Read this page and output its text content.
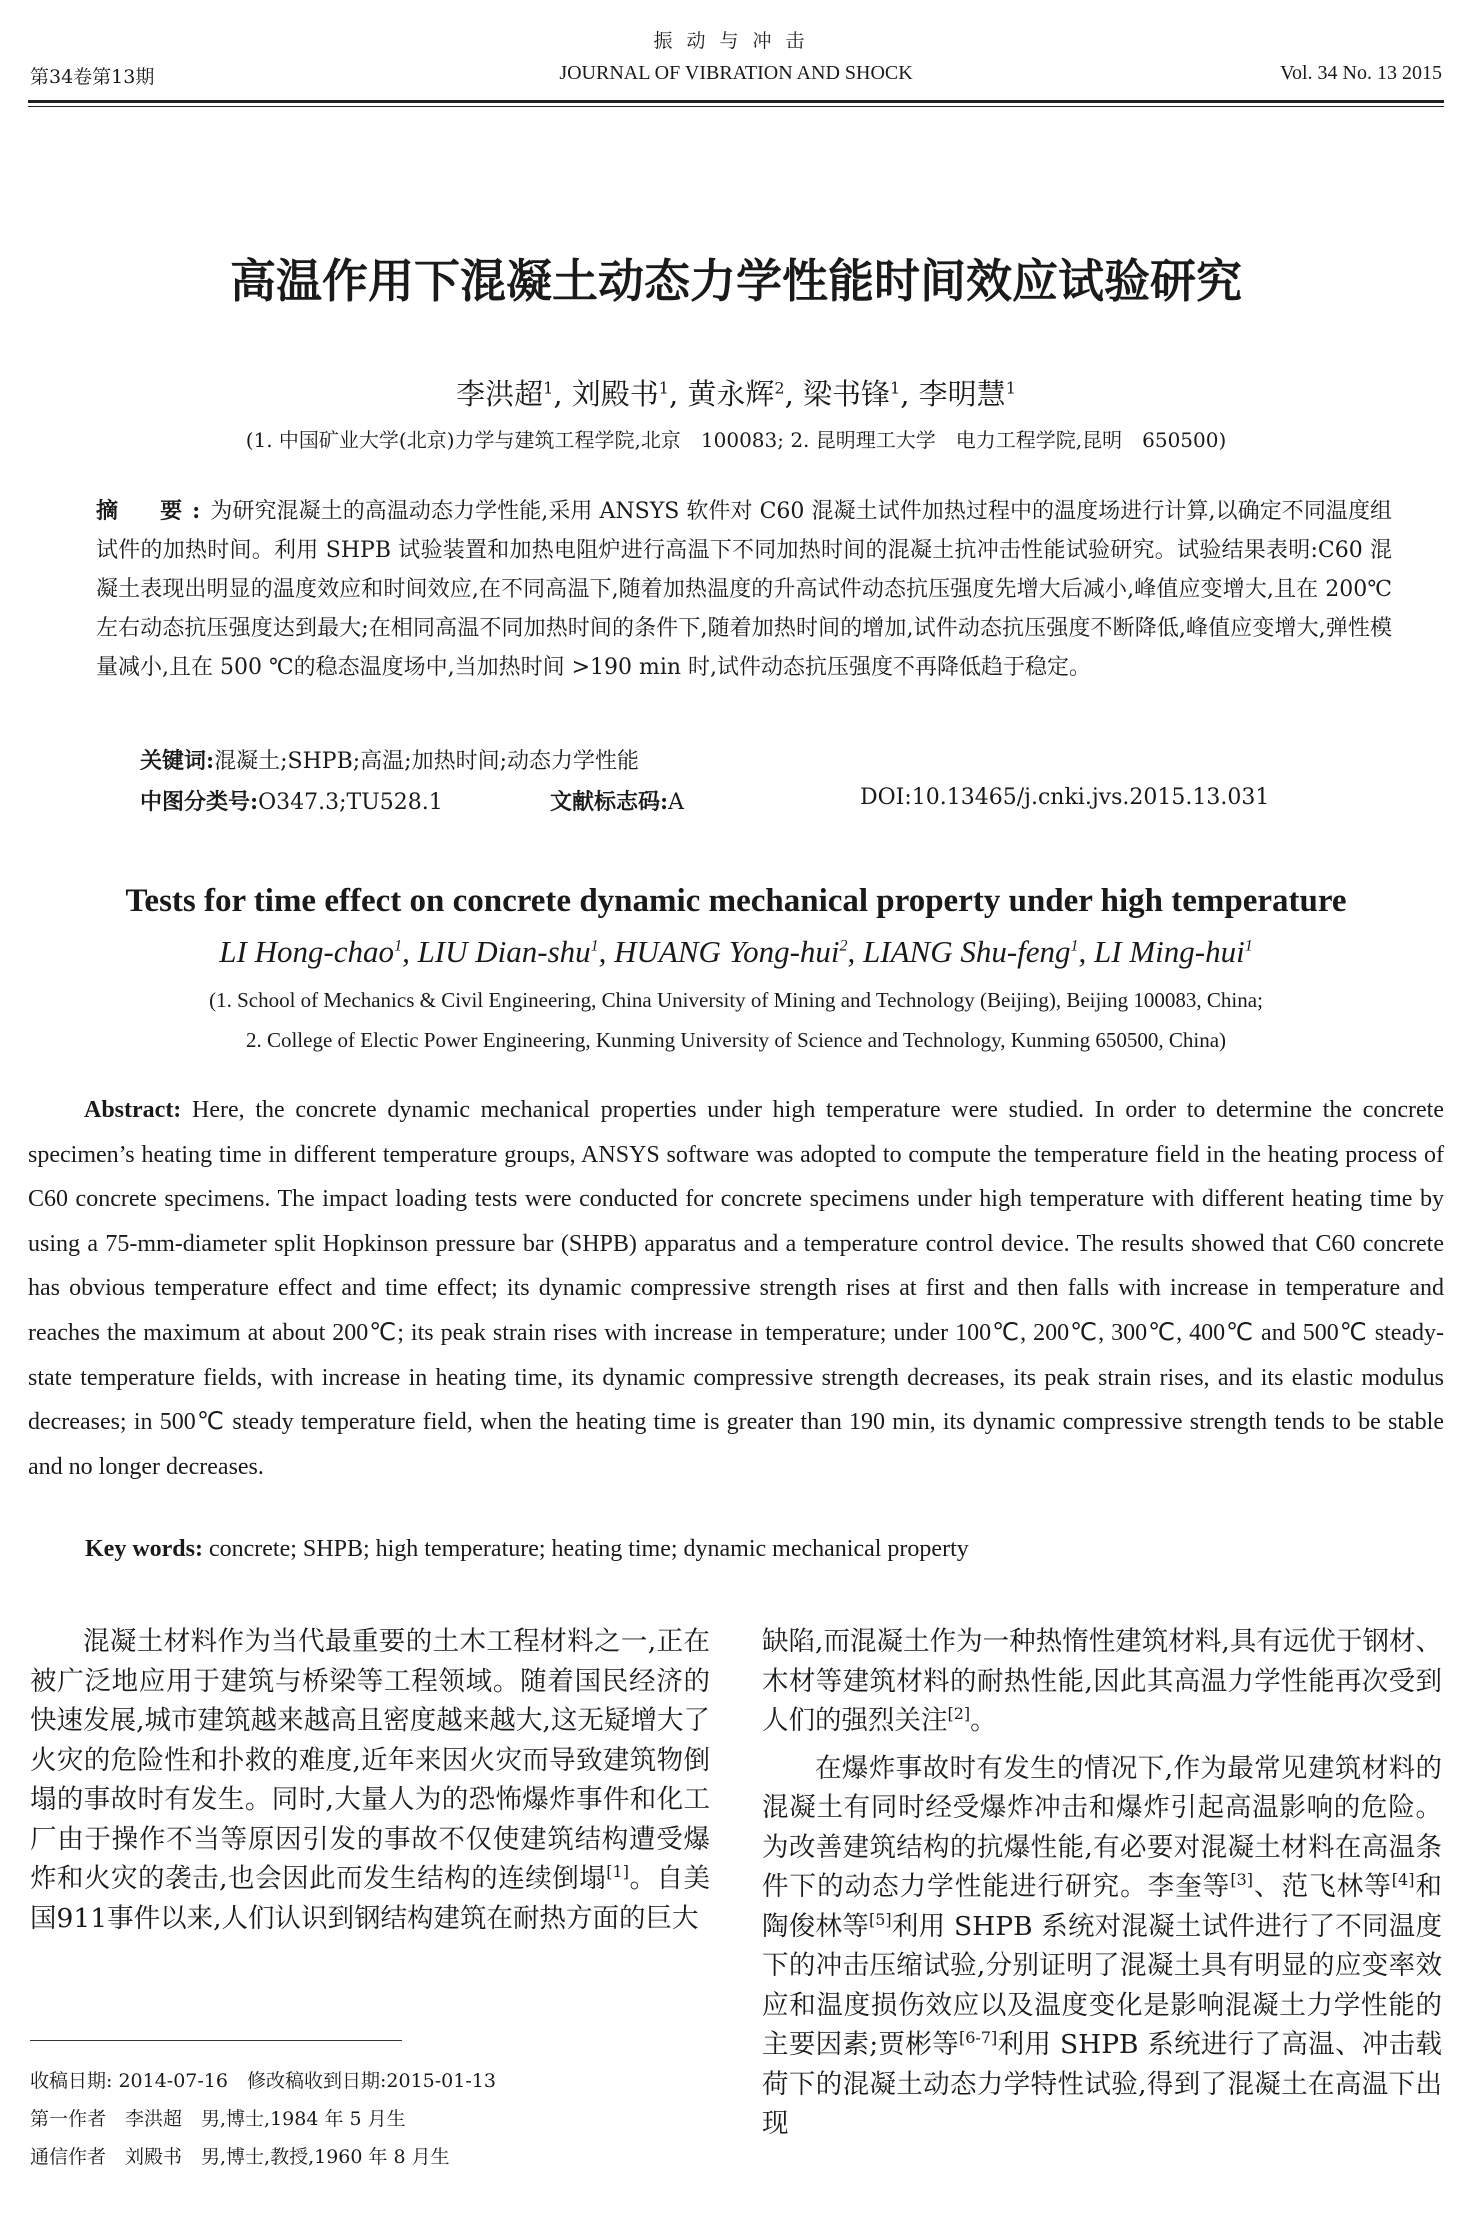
振动与冲击
第34卷第13期	JOURNAL OF VIBRATION AND SHOCK	Vol. 34 No. 13 2015
高温作用下混凝土动态力学性能时间效应试验研究
李洪超$^1$, 刘殿书$^1$, 黄永辉$^2$, 梁书锋$^1$, 李明慧$^1$
(1. 中国矿业大学(北京)力学与建筑工程学院,北京　100083; 2. 昆明理工大学　电力工程学院,昆明　650500)
摘　要:为研究混凝土的高温动态力学性能,采用 ANSYS 软件对 C60 混凝土试件加热过程中的温度场进行计算,以确定不同温度组试件的加热时间。利用 SHPB 试验装置和加热电阻炉进行高温下不同加热时间的混凝土抗冲击性能试验研究。试验结果表明:C60 混凝土表现出明显的温度效应和时间效应,在不同高温下,随着加热温度的升高试件动态抗压强度先增大后减小,峰值应变增大,且在 200℃左右动态抗压强度达到最大;在相同高温不同加热时间的条件下,随着加热时间的增加,试件动态抗压强度不断降低,峰值应变增大,弹性模量减小,且在 500 ℃的稳态温度场中,当加热时间 >190 min 时,试件动态抗压强度不再降低趋于稳定。
关键词:混凝土;SHPB;高温;加热时间;动态力学性能
中图分类号:O347.3;TU528.1	文献标志码:A	DOI:10.13465/j.cnki.jvs.2015.13.031
Tests for time effect on concrete dynamic mechanical property under high temperature
LI Hong-chao$^1$, LIU Dian-shu$^1$, HUANG Yong-hui$^2$, LIANG Shu-feng$^1$, LI Ming-hui$^1$
(1. School of Mechanics & Civil Engineering, China University of Mining and Technology (Beijing), Beijing 100083, China;
2. College of Electic Power Engineering, Kunming University of Science and Technology, Kunming 650500, China)
Abstract: Here, the concrete dynamic mechanical properties under high temperature were studied. In order to determine the concrete specimen’s heating time in different temperature groups, ANSYS software was adopted to compute the temperature field in the heating process of C60 concrete specimens. The impact loading tests were conducted for concrete specimens under high temperature with different heating time by using a 75-mm-diameter split Hopkinson pressure bar (SHPB) apparatus and a temperature control device. The results showed that C60 concrete has obvious temperature effect and time effect; its dynamic compressive strength rises at first and then falls with increase in temperature and reaches the maximum at about 200℃; its peak strain rises with increase in temperature; under 100℃, 200℃, 300℃, 400℃ and 500℃ steady-state temperature fields, with increase in heating time, its dynamic compressive strength decreases, its peak strain rises, and its elastic modulus decreases; in 500℃ steady temperature field, when the heating time is greater than 190 min, its dynamic compressive strength tends to be stable and no longer decreases.
Key words: concrete; SHPB; high temperature; heating time; dynamic mechanical property

混凝土材料作为当代最重要的土木工程材料之一,正在被广泛地应用于建筑与桥梁等工程领域。随着国民经济的快速发展,城市建筑越来越高且密度越来越大,这无疑增大了火灾的危险性和扑救的难度,近年来因火灾而导致建筑物倒塌的事故时有发生。同时,大量人为的恐怖爆炸事件和化工厂由于操作不当等原因引发的事故不仅使建筑结构遭受爆炸和火灾的袭击,也会因此而发生结构的连续倒塌[1]。自美国911事件以来,人们认识到钢结构建筑在耐热方面的巨大

缺陷,而混凝土作为一种热惰性建筑材料,具有远优于钢材、木材等建筑材料的耐热性能,因此其高温力学性能再次受到人们的强烈关注[2]。

在爆炸事故时有发生的情况下,作为最常见建筑材料的混凝土有同时经受爆炸冲击和爆炸引起高温影响的危险。为改善建筑结构的抗爆性能,有必要对混凝土材料在高温条件下的动态力学性能进行研究。李奎等[3]、范飞林等[4]和陶俊林等[5]利用 SHPB 系统对混凝土试件进行了不同温度下的冲击压缩试验,分别证明了混凝土具有明显的应变率效应和温度损伤效应以及温度变化是影响混凝土力学性能的主要因素;贾彬等[6-7]利用 SHPB 系统进行了高温、冲击载荷下的混凝土动态力学特性试验,得到了混凝土在高温下出现

收稿日期: 2014-07-16　修改稿收到日期:2015-01-13
第一作者　李洪超　男,博士,1984 年 5 月生
通信作者　刘殿书　男,博士,教授,1960 年 8 月生
